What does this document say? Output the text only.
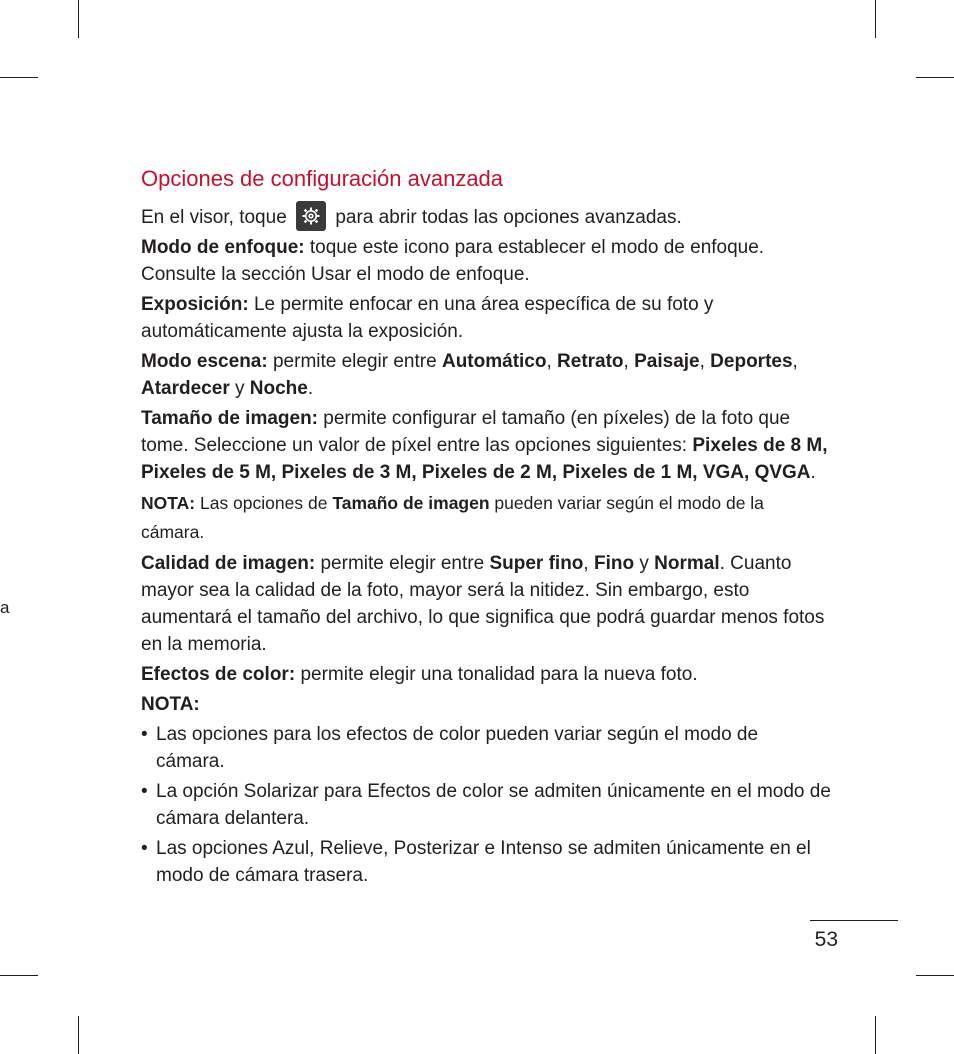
a
Opciones de configuración avanzada

En el visor, toque	para abrir todas las opciones avanzadas.

Modo de enfoque: toque este icono para establecer el modo de enfoque. Consulte la sección Usar el modo de enfoque.

Exposición: Le permite enfocar en una área específica de su foto y automáticamente ajusta la exposición.

Modo escena: permite elegir entre Automático, Retrato, Paisaje, Deportes, Atardecer y Noche.

Tamaño de imagen: permite configurar el tamaño (en píxeles) de la foto que tome. Seleccione un valor de píxel entre las opciones siguientes: Pixeles de 8 M, Pixeles de 5 M, Pixeles de 3 M, Pixeles de 2 M, Pixeles de 1 M, VGA, QVGA.

NOTA: Las opciones de Tamaño de imagen pueden variar según el modo de la cámara.

Calidad de imagen: permite elegir entre Super fino, Fino y Normal. Cuanto mayor sea la calidad de la foto, mayor será la nitidez. Sin embargo, esto aumentará el tamaño del archivo, lo que significa que podrá guardar menos fotos en la memoria.

Efectos de color: permite elegir una tonalidad para la nueva foto.

NOTA:

• Las opciones para los efectos de color pueden variar según el modo de cámara.
• La opción Solarizar para Efectos de color se admiten únicamente en el modo de cámara delantera.
• Las opciones Azul, Relieve, Posterizar e Intenso se admiten únicamente en el modo de cámara trasera.
53
